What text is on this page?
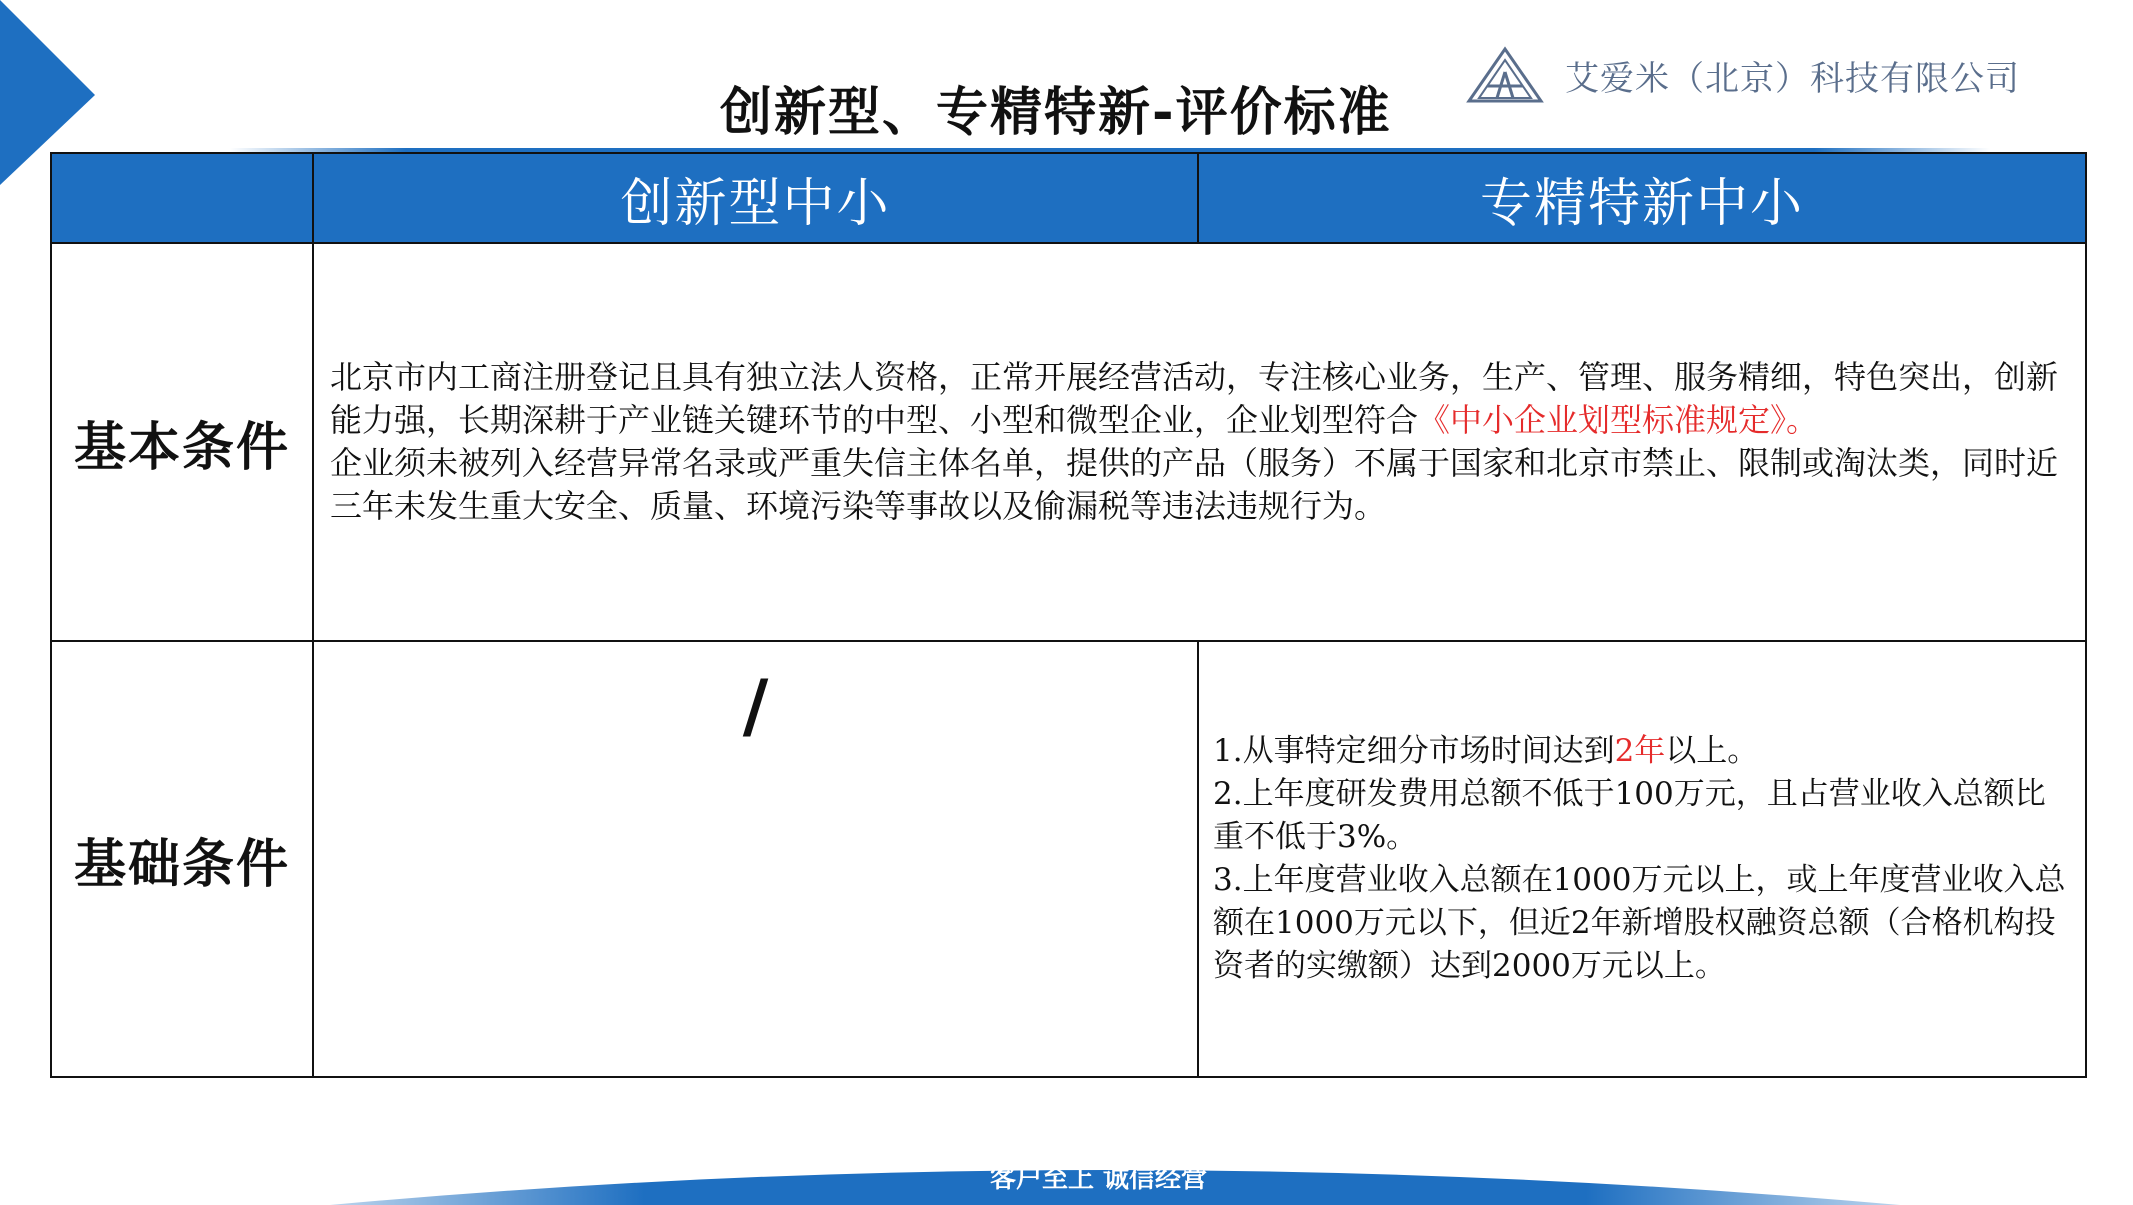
创新型、专精特新-评价标准
艾爱米（北京）科技有限公司
	创新型中小	专精特新中小
基本条件	北京市内工商注册登记且具有独立法人资格，正常开展经营活动，专注核心业务，生产、管理、服务精细，特色突出，创新能力强，长期深耕于产业链关键环节的中型、小型和微型企业，企业划型符合《中小企业划型标准规定》。
企业须未被列入经营异常名录或严重失信主体名单，提供的产品（服务）不属于国家和北京市禁止、限制或淘汰类，同时近三年未发生重大安全、质量、环境污染等事故以及偷漏税等违法违规行为。	
基础条件	/	1.从事特定细分市场时间达到2年以上。
2.上年度研发费用总额不低于100万元，且占营业收入总额比重不低于3%。
3.上年度营业收入总额在1000万元以上，或上年度营业收入总额在1000万元以下，但近2年新增股权融资总额（合格机构投资者的实缴额）达到2000万元以上。
客户至上 诚信经营
